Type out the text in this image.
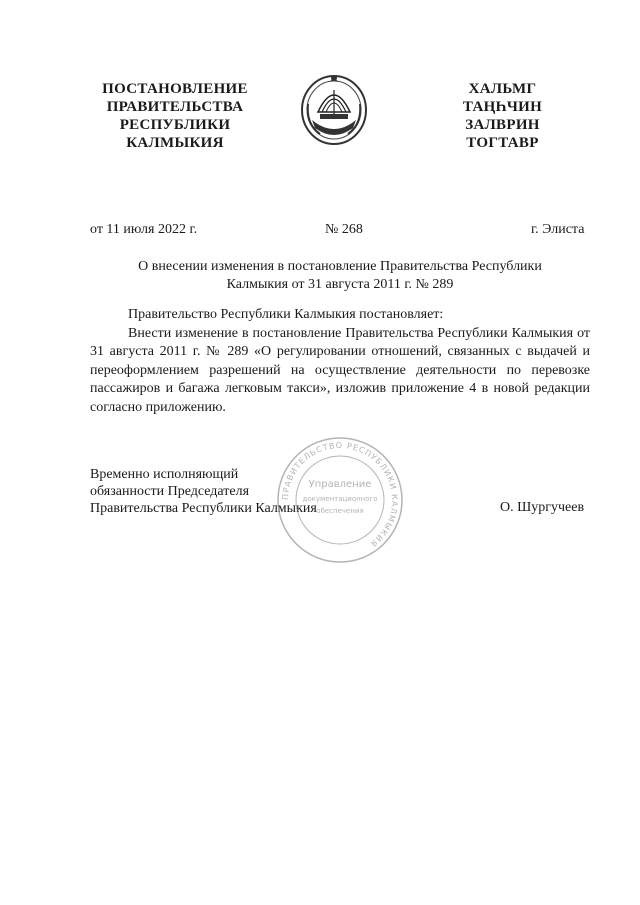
ПОСТАНОВЛЕНИЕ
ПРАВИТЕЛЬСТВА
РЕСПУБЛИКИ
КАЛМЫКИЯ
ХАЛЬМГ
ТАҢҺЧИН
ЗАЛВРИН
ТОГТАВР
от 11 июля 2022 г.	№ 268	г. Элиста
О внесении изменения в постановление Правительства Республики
Калмыкия от 31 августа 2011 г. № 289
Правительство Республики Калмыкия постановляет:
Внести изменение в постановление Правительства Республики Калмыкия от 31 августа 2011 г. № 289 «О регулировании отношений, связанных с выдачей и переоформлением разрешений на осуществление деятельности по перевозке пассажиров и багажа легковым такси», изложив приложение 4 в новой редакции согласно приложению.
Временно исполняющий
обязанности Председателя
Правительства Республики Калмыкия
ПРАВИТЕЛЬСТВО РЕСПУБЛИКИ КАЛМЫКИЯ
Управление
документационного
обеспечения	О. Шургучеев
